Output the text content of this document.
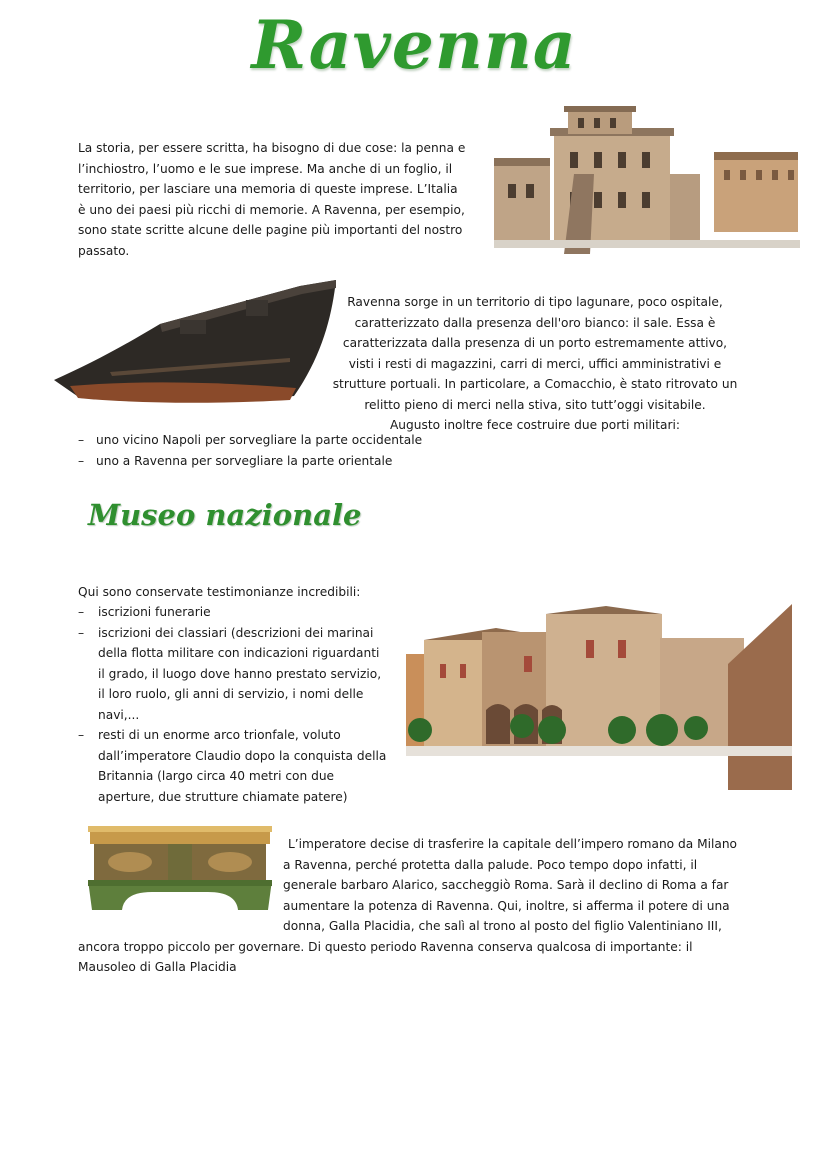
Ravenna
La storia, per essere scritta, ha bisogno di due cose: la penna e
l’inchiostro, l’uomo e le sue imprese. Ma anche di un foglio, il
territorio, per lasciare una memoria di queste imprese. L’Italia
è uno dei paesi più ricchi di memorie. A Ravenna, per esempio,
sono state scritte alcune delle pagine più importanti del nostro
passato.
Ravenna sorge in un territorio di tipo lagunare, poco ospitale,
caratterizzato dalla presenza dell'oro bianco: il sale. Essa è
caratterizzata dalla presenza di un porto estremamente attivo,
visti i resti di magazzini, carri di merci, uffici amministrativi e
strutture portuali. In particolare, a Comacchio, è stato ritrovato un
relitto pieno di merci nella stiva, sito tutt’oggi visitabile.
Augusto inoltre fece costruire due porti militari:
– uno vicino Napoli per sorvegliare la parte occidentale
– uno a Ravenna per sorvegliare la parte orientale
Museo nazionale
Qui sono conservate testimonianze incredibili:
– iscrizioni funerarie
– iscrizioni dei classiari (descrizioni dei marinai
della flotta militare con indicazioni riguardanti
il grado, il luogo dove hanno prestato servizio,
il loro ruolo, gli anni di servizio, i nomi delle
navi,...
– resti di un enorme arco trionfale, voluto
dall’imperatore Claudio dopo la conquista della
Britannia (largo circa 40 metri con due
aperture, due strutture chiamate patere)
L’imperatore decise di trasferire la capitale dell’impero romano da Milano
a Ravenna, perché protetta dalla palude. Poco tempo dopo infatti, il
generale barbaro Alarico, saccheggiò Roma. Sarà il declino di Roma a far
aumentare la potenza di Ravenna. Qui, inoltre, si afferma il potere di una
donna, Galla Placidia, che salì al trono al posto del figlio Valentiniano III,
ancora troppo piccolo per governare. Di questo periodo Ravenna conserva qualcosa di importante: il
Mausoleo di Galla Placidia
